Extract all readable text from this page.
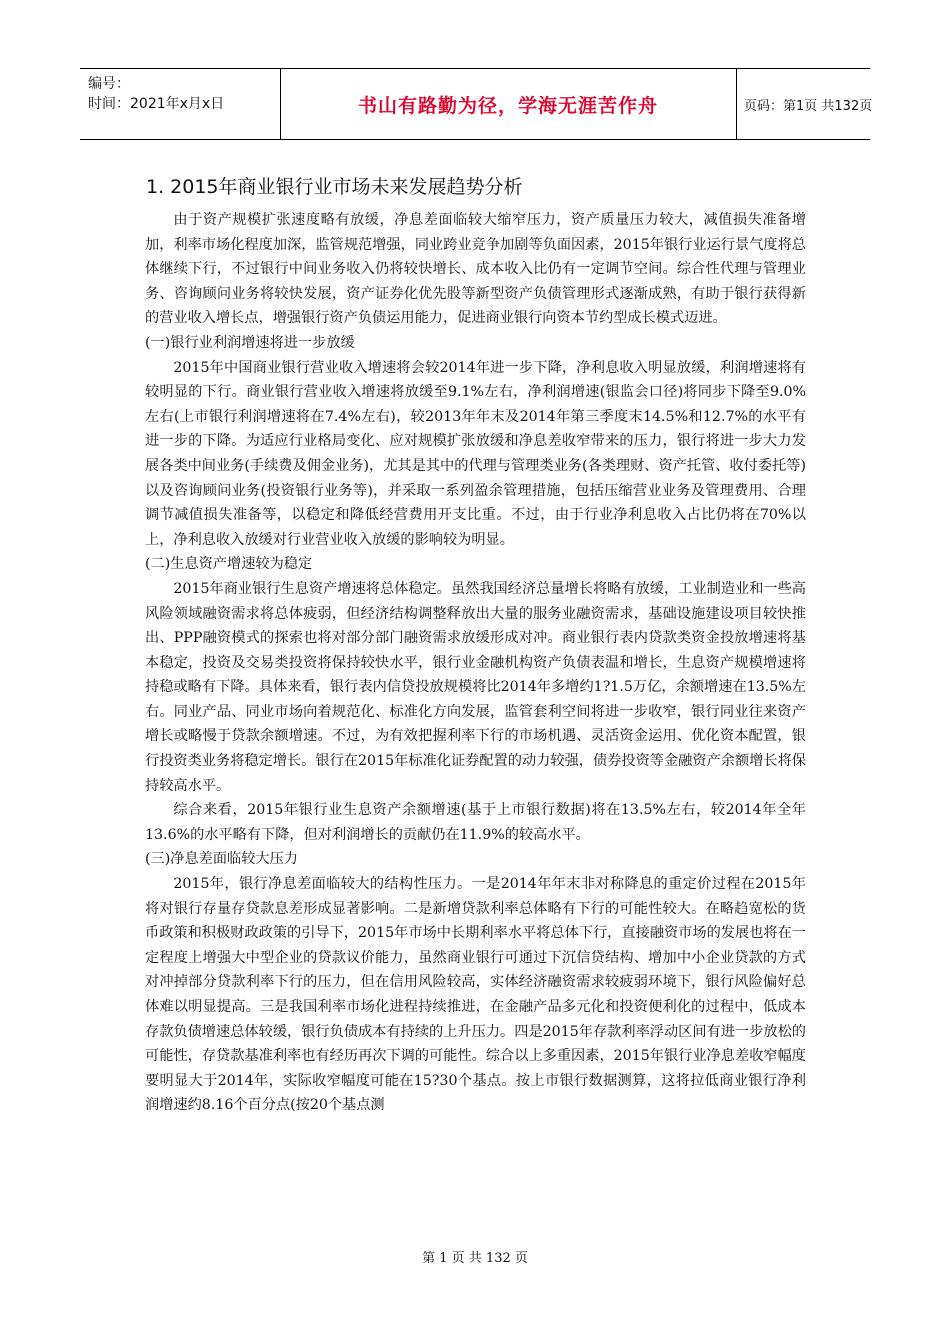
编号：
时间：2021年x月x日	书山有路勤为径，学海无涯苦作舟	页码：第1页 共132页
1. 2015年商业银行业市场未来发展趋势分析

由于资产规模扩张速度略有放缓，净息差面临较大缩窄压力，资产质量压力较大，减值损失准备增加，利率市场化程度加深，监管规范增强，同业跨业竞争加剧等负面因素，2015年银行业运行景气度将总体继续下行，不过银行中间业务收入仍将较快增长、成本收入比仍有一定调节空间。综合性代理与管理业务、咨询顾问业务将较快发展，资产证券化优先股等新型资产负债管理形式逐渐成熟，有助于银行获得新的营业收入增长点，增强银行资产负债运用能力，促进商业银行向资本节约型成长模式迈进。

(一)银行业利润增速将进一步放缓

2015年中国商业银行营业收入增速将会较2014年进一步下降，净利息收入明显放缓，利润增速将有较明显的下行。商业银行营业收入增速将放缓至9.1%左右，净利润增速(银监会口径)将同步下降至9.0%左右(上市银行利润增速将在7.4%左右)，较2013年年末及2014年第三季度末14.5%和12.7%的水平有进一步的下降。为适应行业格局变化、应对规模扩张放缓和净息差收窄带来的压力，银行将进一步大力发展各类中间业务(手续费及佣金业务)，尤其是其中的代理与管理类业务(各类理财、资产托管、收付委托等)以及咨询顾问业务(投资银行业务等)，并采取一系列盈余管理措施，包括压缩营业业务及管理费用、合理调节减值损失准备等，以稳定和降低经营费用开支比重。不过，由于行业净利息收入占比仍将在70%以上，净利息收入放缓对行业营业收入放缓的影响较为明显。

(二)生息资产增速较为稳定

2015年商业银行生息资产增速将总体稳定。虽然我国经济总量增长将略有放缓，工业制造业和一些高风险领域融资需求将总体疲弱，但经济结构调整释放出大量的服务业融资需求，基础设施建设项目较快推出、PPP融资模式的探索也将对部分部门融资需求放缓形成对冲。商业银行表内贷款类资金投放增速将基本稳定，投资及交易类投资将保持较快水平，银行业金融机构资产负债表温和增长，生息资产规模增速将持稳或略有下降。具体来看，银行表内信贷投放规模将比2014年多增约1?1.5万亿，余额增速在13.5%左右。同业产品、同业市场向着规范化、标准化方向发展，监管套利空间将进一步收窄，银行同业往来资产增长或略慢于贷款余额增速。不过，为有效把握利率下行的市场机遇、灵活资金运用、优化资本配置，银行投资类业务将稳定增长。银行在2015年标准化证券配置的动力较强，债券投资等金融资产余额增长将保持较高水平。

综合来看，2015年银行业生息资产余额增速(基于上市银行数据)将在13.5%左右，较2014年全年13.6%的水平略有下降，但对利润增长的贡献仍在11.9%的较高水平。

(三)净息差面临较大压力

2015年，银行净息差面临较大的结构性压力。一是2014年年末非对称降息的重定价过程在2015年将对银行存量存贷款息差形成显著影响。二是新增贷款利率总体略有下行的可能性较大。在略趋宽松的货币政策和积极财政政策的引导下，2015年市场中长期利率水平将总体下行，直接融资市场的发展也将在一定程度上增强大中型企业的贷款议价能力，虽然商业银行可通过下沉信贷结构、增加中小企业贷款的方式对冲掉部分贷款利率下行的压力，但在信用风险较高，实体经济融资需求较疲弱环境下，银行风险偏好总体难以明显提高。三是我国利率市场化进程持续推进，在金融产品多元化和投资便利化的过程中，低成本存款负债增速总体较缓，银行负债成本有持续的上升压力。四是2015年存款利率浮动区间有进一步放松的可能性，存贷款基准利率也有经历再次下调的可能性。综合以上多重因素，2015年银行业净息差收窄幅度要明显大于2014年，实际收窄幅度可能在15?30个基点。按上市银行数据测算，这将拉低商业银行净利润增速约8.16个百分点(按20个基点测

第 1 页 共 132 页
